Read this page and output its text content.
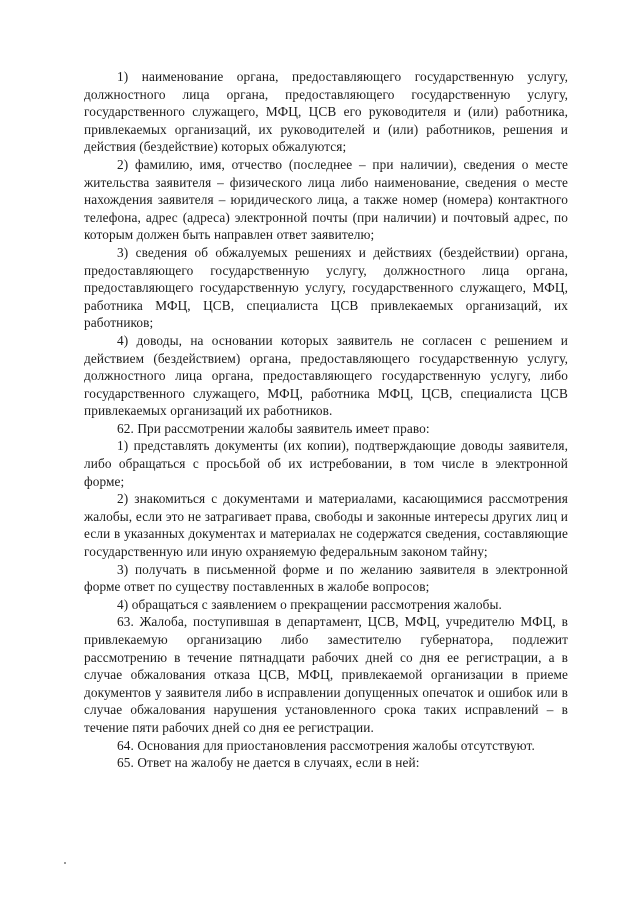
1) наименование органа, предоставляющего государственную услугу, должностного лица органа, предоставляющего государственную услугу, государственного служащего, МФЦ, ЦСВ его руководителя и (или) работника, привлекаемых организаций, их руководителей и (или) работников, решения и действия (бездействие) которых обжалуются;

2) фамилию, имя, отчество (последнее – при наличии), сведения о месте жительства заявителя – физического лица либо наименование, сведения о месте нахождения заявителя – юридического лица, а также номер (номера) контактного телефона, адрес (адреса) электронной почты (при наличии) и почтовый адрес, по которым должен быть направлен ответ заявителю;

3) сведения об обжалуемых решениях и действиях (бездействии) органа, предоставляющего государственную услугу, должностного лица органа, предоставляющего государственную услугу, государственного служащего, МФЦ, работника МФЦ, ЦСВ, специалиста ЦСВ привлекаемых организаций, их работников;

4) доводы, на основании которых заявитель не согласен с решением и действием (бездействием) органа, предоставляющего государственную услугу, должностного лица органа, предоставляющего государственную услугу, либо государственного служащего, МФЦ, работника МФЦ, ЦСВ, специалиста ЦСВ привлекаемых организаций их работников.

62. При рассмотрении жалобы заявитель имеет право:

1) представлять документы (их копии), подтверждающие доводы заявителя, либо обращаться с просьбой об их истребовании, в том числе в электронной форме;

2) знакомиться с документами и материалами, касающимися рассмотрения жалобы, если это не затрагивает права, свободы и законные интересы других лиц и если в указанных документах и материалах не содержатся сведения, составляющие государственную или иную охраняемую федеральным законом тайну;

3) получать в письменной форме и по желанию заявителя в электронной форме ответ по существу поставленных в жалобе вопросов;

4) обращаться с заявлением о прекращении рассмотрения жалобы.

63. Жалоба, поступившая в департамент, ЦСВ, МФЦ, учредителю МФЦ, в привлекаемую организацию либо заместителю губернатора, подлежит рассмотрению в течение пятнадцати рабочих дней со дня ее регистрации, а в случае обжалования отказа ЦСВ, МФЦ, привлекаемой организации в приеме документов у заявителя либо в исправлении допущенных опечаток и ошибок или в случае обжалования нарушения установленного срока таких исправлений – в течение пяти рабочих дней со дня ее регистрации.

64. Основания для приостановления рассмотрения жалобы отсутствуют.

65. Ответ на жалобу не дается в случаях, если в ней:
